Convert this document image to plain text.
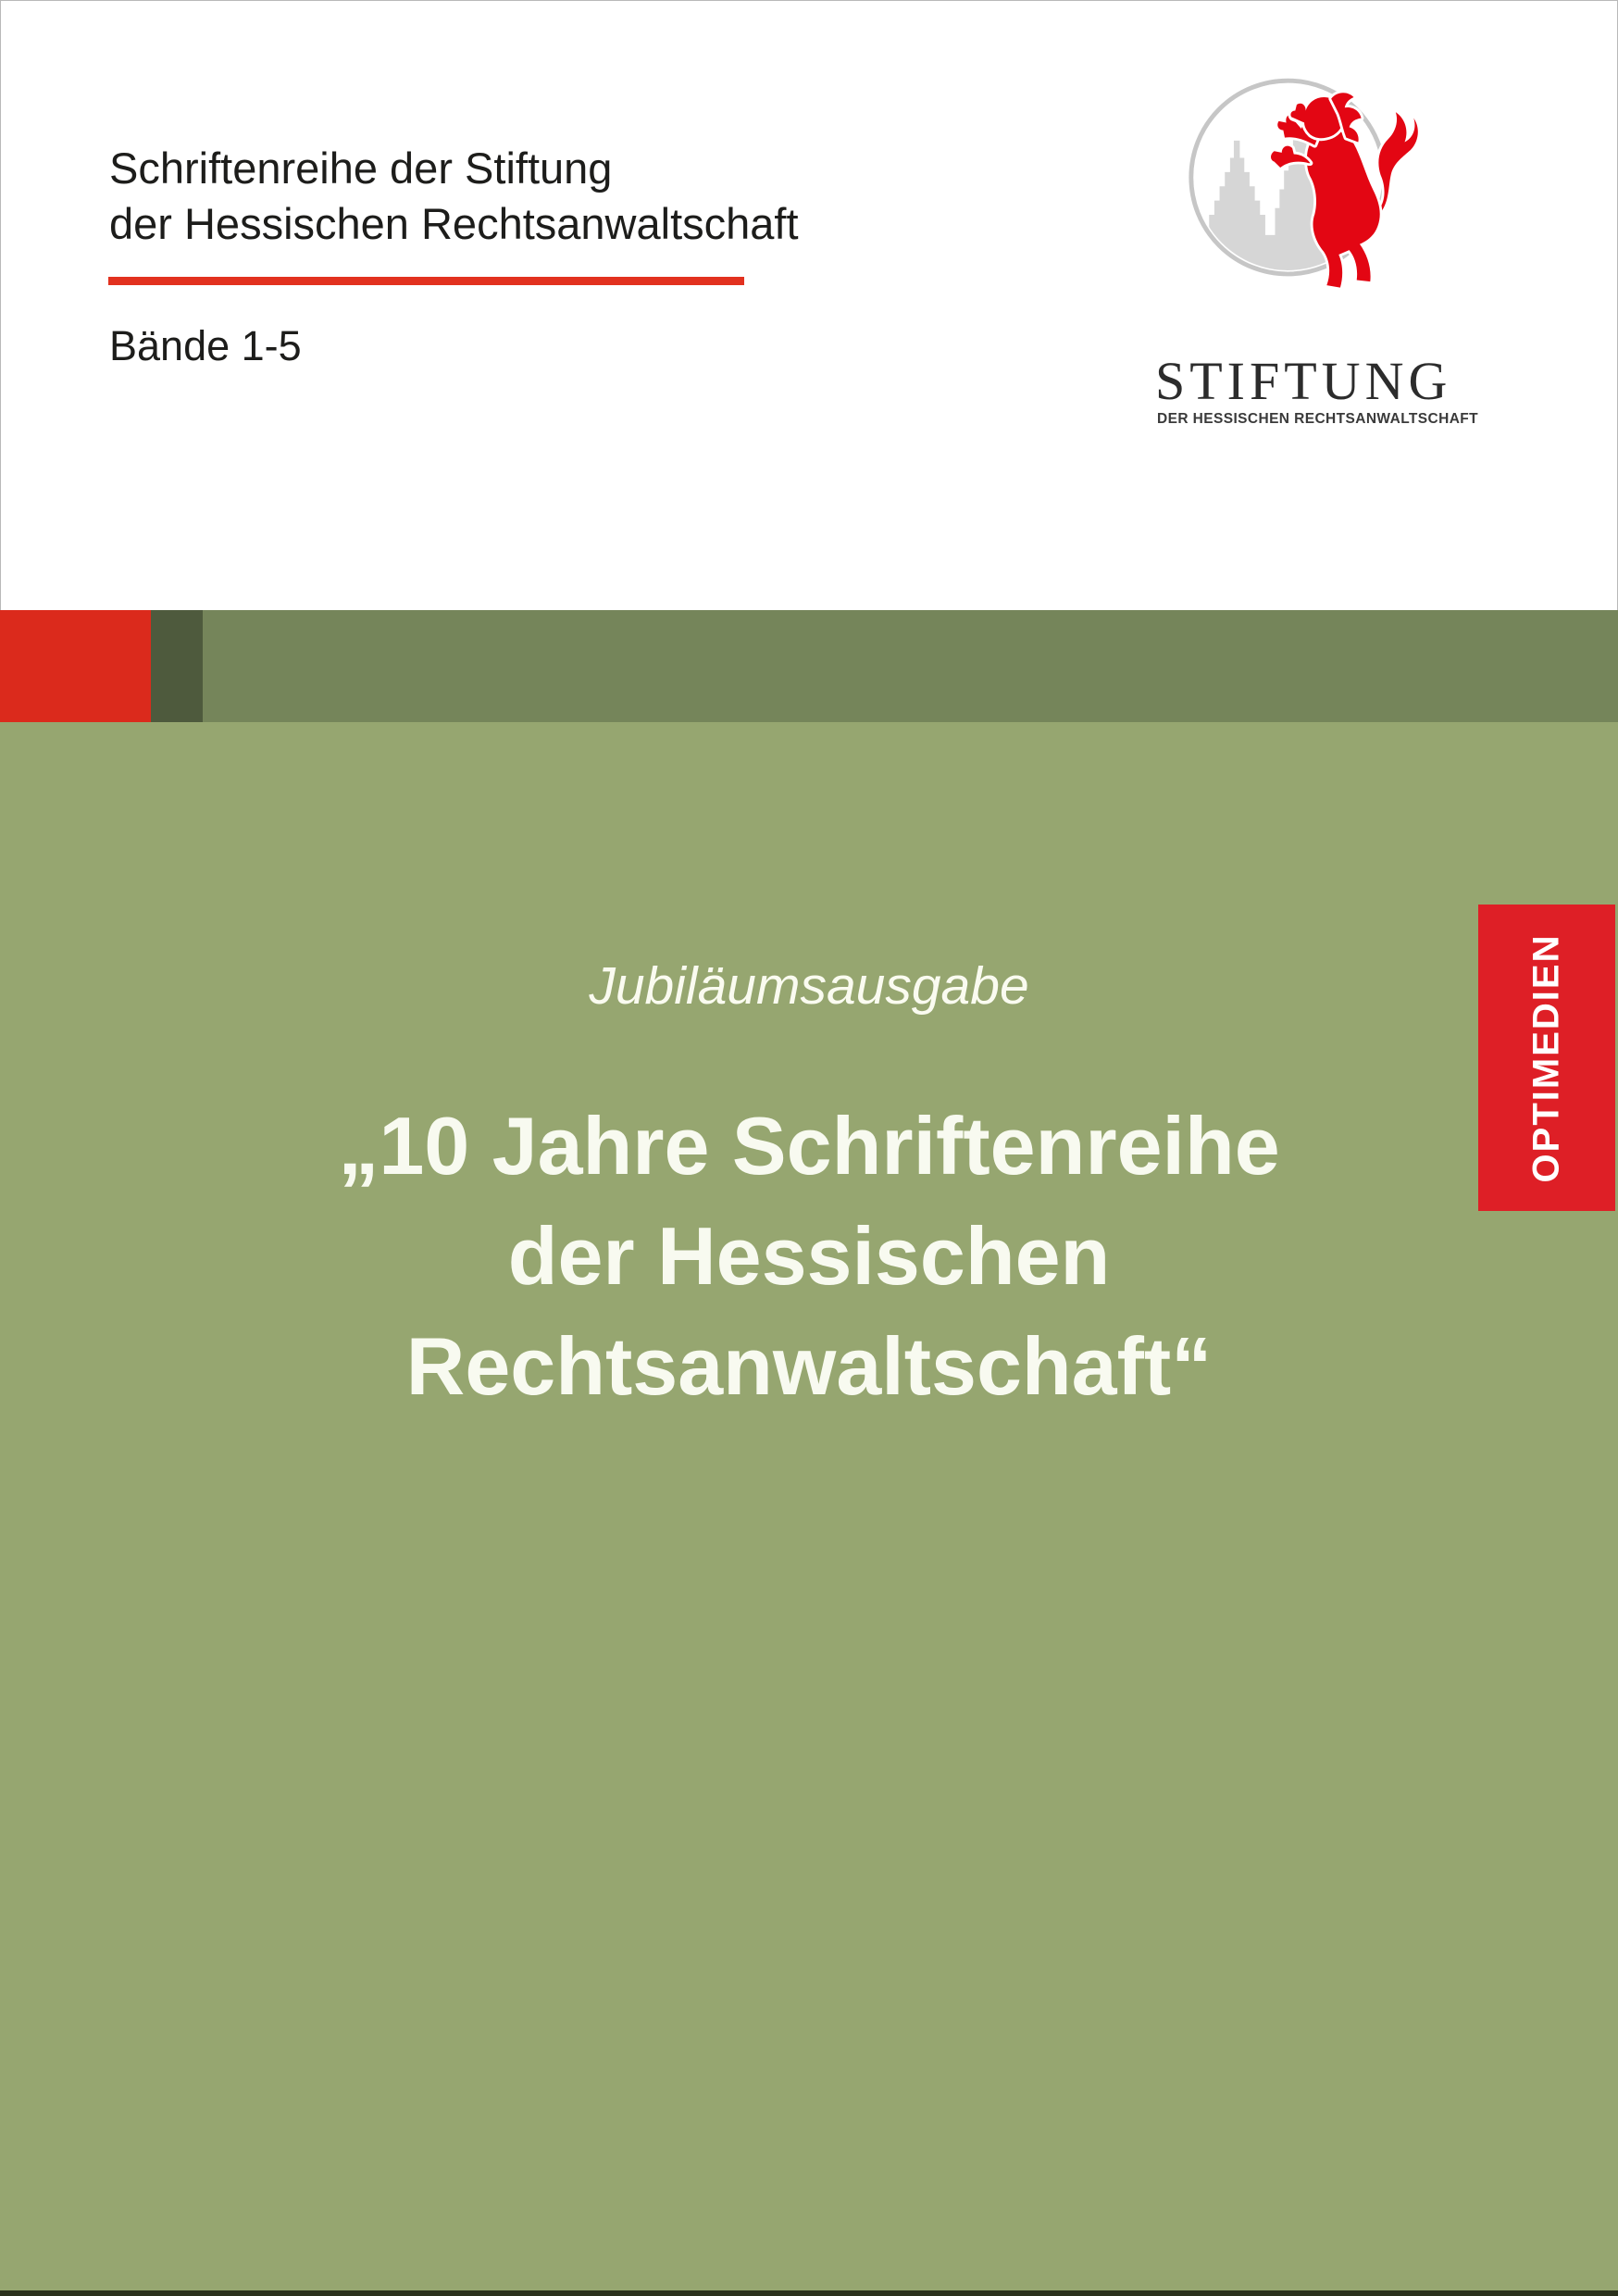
Schriftenreihe der Stiftung
der Hessischen Rechtsanwaltschaft
Bände 1-5
STIFTUNG
DER HESSISCHEN RECHTSANWALTSCHAFT
Jubiläumsausgabe
„10 Jahre Schriftenreihe
der Hessischen
Rechtsanwaltschaft“
OPTIMEDIEN
